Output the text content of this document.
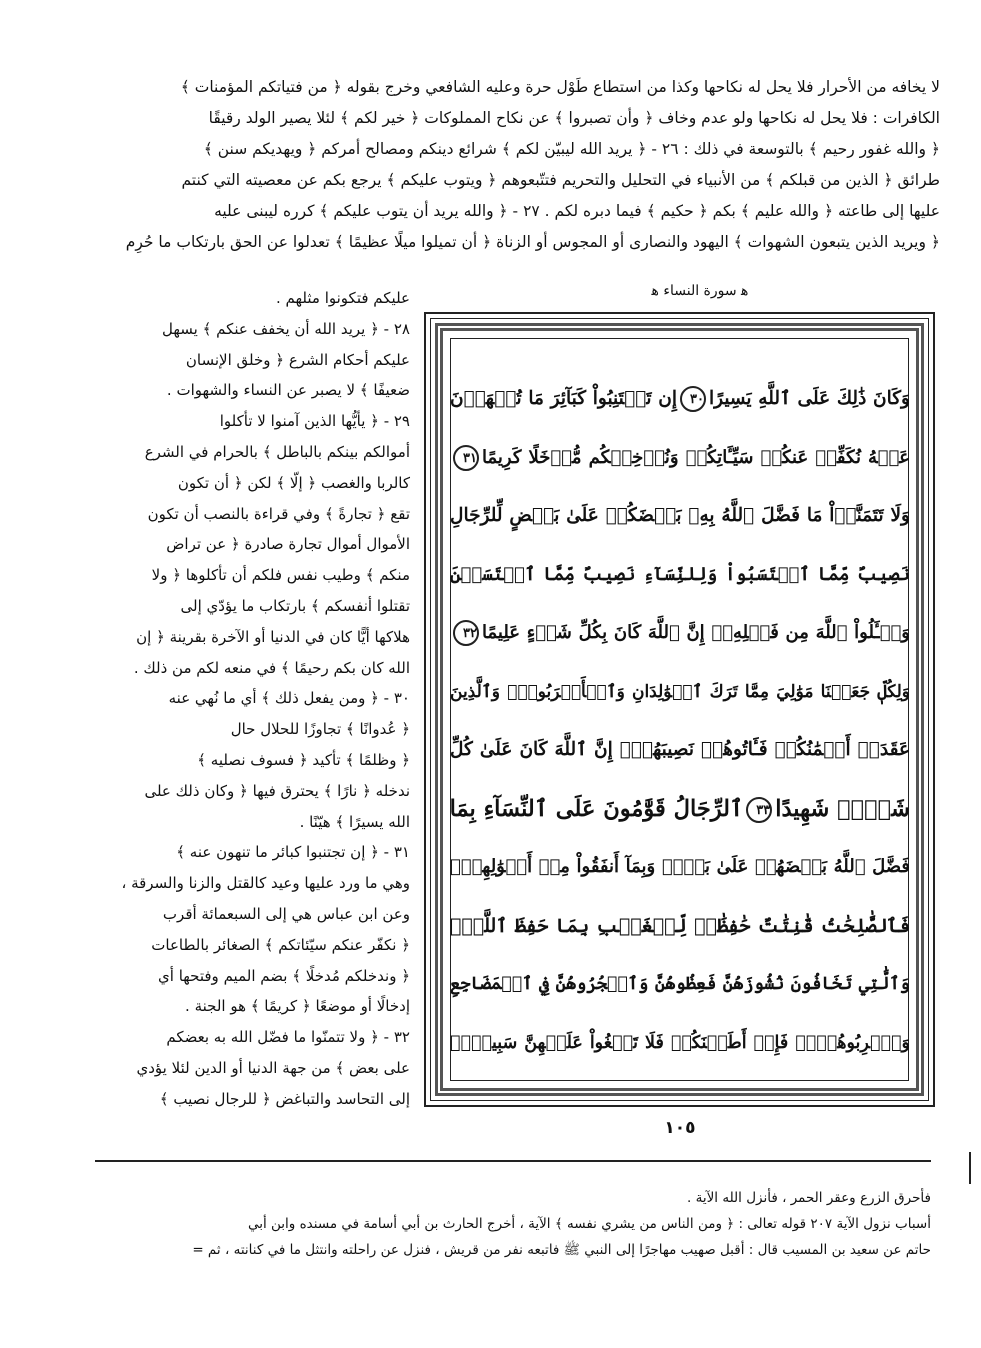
لا يخافه من الأحرار فلا يحل له نكاحها وكذا من استطاع طَوْل حرة وعليه الشافعي وخرج بقوله ﴿ من فتياتكم المؤمنات ﴾
الكافرات : فلا يحل له نكاحها ولو عدم وخاف ﴿ وأن تصبروا ﴾ عن نكاح المملوكات ﴿ خير لكم ﴾ لئلا يصير الولد رقيقًا
﴿ والله غفور رحيم ﴾ بالتوسعة في ذلك : ٢٦ - ﴿ يريد الله ليبيّن لكم ﴾ شرائع دينكم ومصالح أمركم ﴿ ويهديكم سنن ﴾
طرائق ﴿ الذين من قبلكم ﴾ من الأنبياء في التحليل والتحريم فتتّبعوهم ﴿ ويتوب عليكم ﴾ يرجع بكم عن معصيته التي كنتم
عليها إلى طاعته ﴿ والله عليم ﴾ بكم ﴿ حكيم ﴾ فيما دبره لكم . ٢٧ - ﴿ والله يريد أن يتوب عليكم ﴾ كرره ليبنى عليه
﴿ ويريد الذين يتبعون الشهوات ﴾ اليهود والنصارى أو المجوس أو الزناة ﴿ أن تميلوا ميلًا عظيمًا ﴾ تعدلوا عن الحق بارتكاب ما حُرِم
ﻫ سورة النساء ﻫ
عليكم فتكونوا مثلهم .
٢٨ - ﴿ يريد الله أن يخفف عنكم ﴾ يسهل
عليكم أحكام الشرع ﴿ وخلق الإنسان
ضعيفًا ﴾ لا يصبر عن النساء والشهوات .
٢٩ - ﴿ يأيُّها الذين آمنوا لا تأكلوا
أموالكم بينكم بالباطل ﴾ بالحرام في الشرع
كالربا والغصب ﴿ إلّا ﴾ لكن ﴿ أن تكون
تقع ﴿ تجارةً ﴾ وفي قراءة بالنصب أن تكون
الأموال أموال تجارة صادرة ﴿ عن تراض
منكم ﴾ وطيب نفس فلكم أن تأكلوها ﴿ ولا
تقتلوا أنفسكم ﴾ بارتكاب ما يؤدّي إلى
هلاكها أيًّا كان في الدنيا أو الآخرة بقرينة ﴿ إن
الله كان بكم رحيمًا ﴾ في منعه لكم من ذلك .
٣٠ - ﴿ ومن يفعل ذلك ﴾ أي ما نُهي عنه
﴿ عُدوانًا ﴾ تجاوزًا للحلال حال
﴿ وظلمًا ﴾ تأكيد ﴿ فسوف نصليه ﴾
ندخله ﴿ نارًا ﴾ يحترق فيها ﴿ وكان ذلك على
الله يسيرًا ﴾ هيّنًا .
٣١ - ﴿ إن تجتنبوا كبائر ما تنهون عنه ﴾
وهي ما ورد عليها وعيد كالقتل والزنا والسرقة ،
وعن ابن عباس هي إلى السبعمائة أقرب
﴿ نكفّر عنكم سيّئاتكم ﴾ الصغائر بالطاعات
﴿ وندخلكم مُدخلًا ﴾ بضم الميم وفتحها أي
إدخالًا أو موضعًا ﴿ كريمًا ﴾ هو الجنة .
٣٢ - ﴿ ولا تتمنّوا ما فضّل الله به بعضكم
على بعض ﴾ من جهة الدنيا أو الدين لئلا يؤدي
إلى التحاسد والتباغض ﴿ للرجال نصيب ﴾
وَكَانَ ذَٰلِكَ عَلَى ٱللَّهِ يَسِيرًا٣٠إِن تَجۡتَنِبُواْ كَبَآئِرَ مَا تُنۡهَوۡنَ
عَنۡهُ نُكَفِّرۡ عَنكُمۡ سَيِّـَٔاتِكُمۡ وَنُدۡخِلۡكُم مُّدۡخَلًا كَرِيمًا٣١
وَلَا تَتَمَنَّوۡاْ مَا فَضَّلَ ٱللَّهُ بِهِۦ بَعۡضَكُمۡ عَلَىٰ بَعۡضٍ لِّلرِّجَالِ
نَصِيبٌ مِّمَّا ٱكۡتَسَبُواْ وَلِلنِّسَآءِ نَصِيبٌ مِّمَّا ٱكۡتَسَبۡنَ
وَسۡـَٔلُواْ ٱللَّهَ مِن فَضۡلِهِۦٓ إِنَّ ٱللَّهَ كَانَ بِكُلِّ شَيۡءٍ عَلِيمًا٣٢
وَلِكُلّٖ جَعَلۡنَا مَوَٰلِيَ مِمَّا تَرَكَ ٱلۡوَٰلِدَانِ وَٱلۡأَقۡرَبُونَۚ وَٱلَّذِينَ
عَقَدَتۡ أَيۡمَٰنُكُمۡ فَـَٔاتُوهُمۡ نَصِيبَهُمۡۚ إِنَّ ٱللَّهَ كَانَ عَلَىٰ كُلِّ
شَيۡءٖ شَهِيدًا٣٣ٱلرِّجَالُ قَوَّٰمُونَ عَلَى ٱلنِّسَآءِ بِمَا
فَضَّلَ ٱللَّهُ بَعۡضَهُمۡ عَلَىٰ بَعۡضٖ وَبِمَآ أَنفَقُواْ مِنۡ أَمۡوَٰلِهِمۡۚ
فَٱلصَّٰلِحَٰتُ قَٰنِتَٰتٌ حَٰفِظَٰتٞ لِّلۡغَيۡبِ بِمَا حَفِظَ ٱللَّهُۚ
وَٱلَّٰتِي تَخَافُونَ نُشُوزَهُنَّ فَعِظُوهُنَّ وَٱهۡجُرُوهُنَّ فِي ٱلۡمَضَاجِعِ
وَٱضۡرِبُوهُنَّۖ فَإِنۡ أَطَعۡنَكُمۡ فَلَا تَبۡغُواْ عَلَيۡهِنَّ سَبِيلًاۗ
١٠٥
فأحرق الزرع وعقر الحمر ، فأنزل الله الآية .
أسباب نزول الآية ٢٠٧ قوله تعالى : ﴿ ومن الناس من يشري نفسه ﴾ الآية ، أخرج الحارث بن أبي أسامة في مسنده وابن أبي
حاتم عن سعيد بن المسيب قال : أقبل صهيب مهاجرًا إلى النبي ﷺ فاتبعه نفر من قريش ، فنزل عن راحلته وانتثل ما في كنانته ، ثم =
